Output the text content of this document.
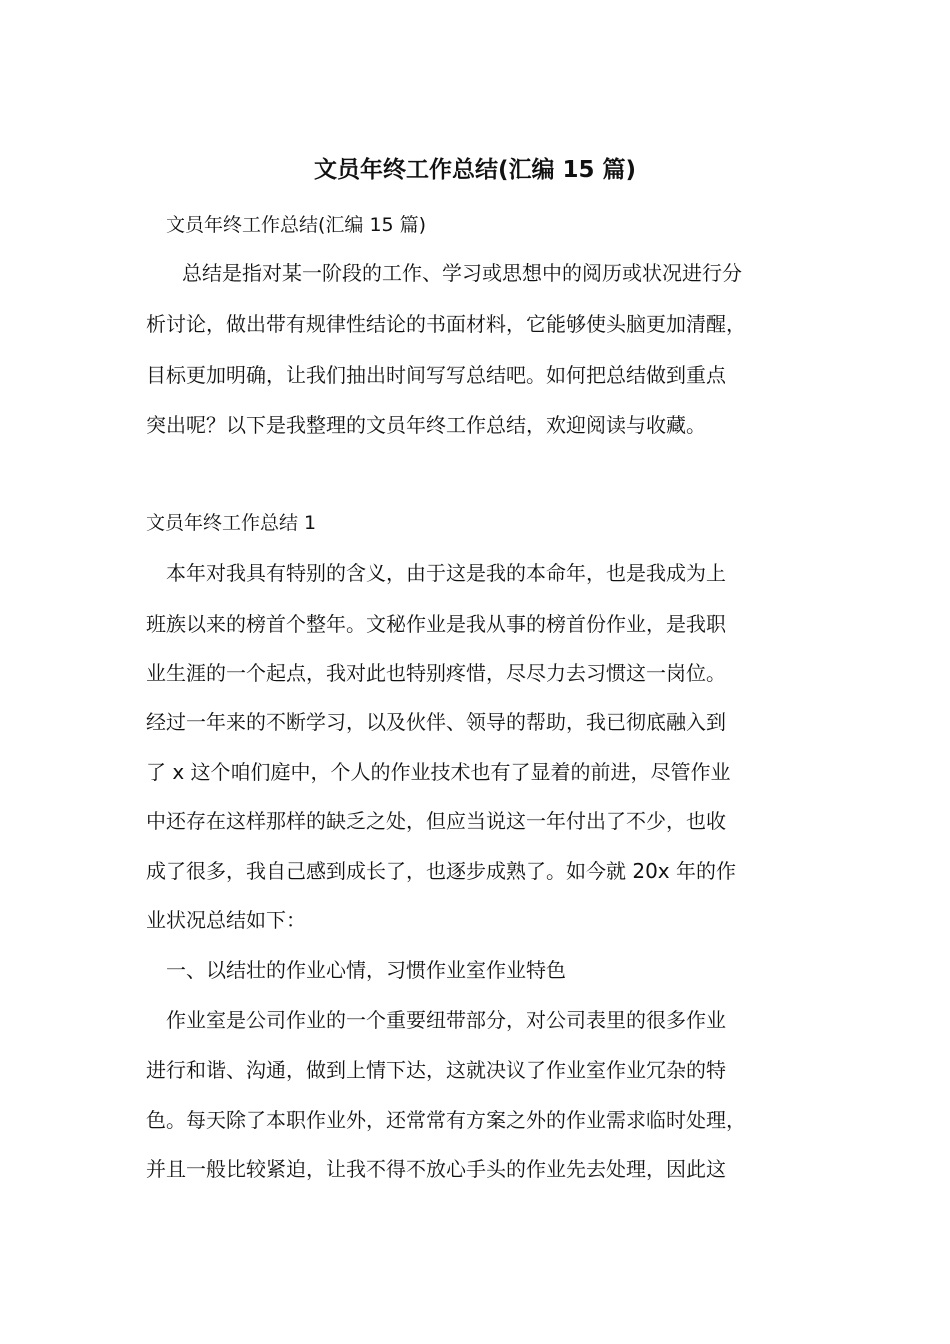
文员年终工作总结(汇编 15 篇)
文员年终工作总结(汇编 15 篇)
总结是指对某一阶段的工作、学习或思想中的阅历或状况进行分
析讨论，做出带有规律性结论的书面材料，它能够使头脑更加清醒，
目标更加明确，让我们抽出时间写写总结吧。如何把总结做到重点
突出呢？以下是我整理的文员年终工作总结，欢迎阅读与收藏。
文员年终工作总结 1
本年对我具有特别的含义，由于这是我的本命年，也是我成为上
班族以来的榜首个整年。文秘作业是我从事的榜首份作业，是我职
业生涯的一个起点，我对此也特别疼惜，尽尽力去习惯这一岗位。
经过一年来的不断学习，以及伙伴、领导的帮助，我已彻底融入到
了 x 这个咱们庭中，个人的作业技术也有了显着的前进，尽管作业
中还存在这样那样的缺乏之处，但应当说这一年付出了不少，也收
成了很多，我自己感到成长了，也逐步成熟了。如今就 20x 年的作
业状况总结如下：
一、以结壮的作业心情，习惯作业室作业特色
作业室是公司作业的一个重要纽带部分，对公司表里的很多作业
进行和谐、沟通，做到上情下达，这就决议了作业室作业冗杂的特
色。每天除了本职作业外，还常常有方案之外的作业需求临时处理，
并且一般比较紧迫，让我不得不放心手头的作业先去处理，因此这
